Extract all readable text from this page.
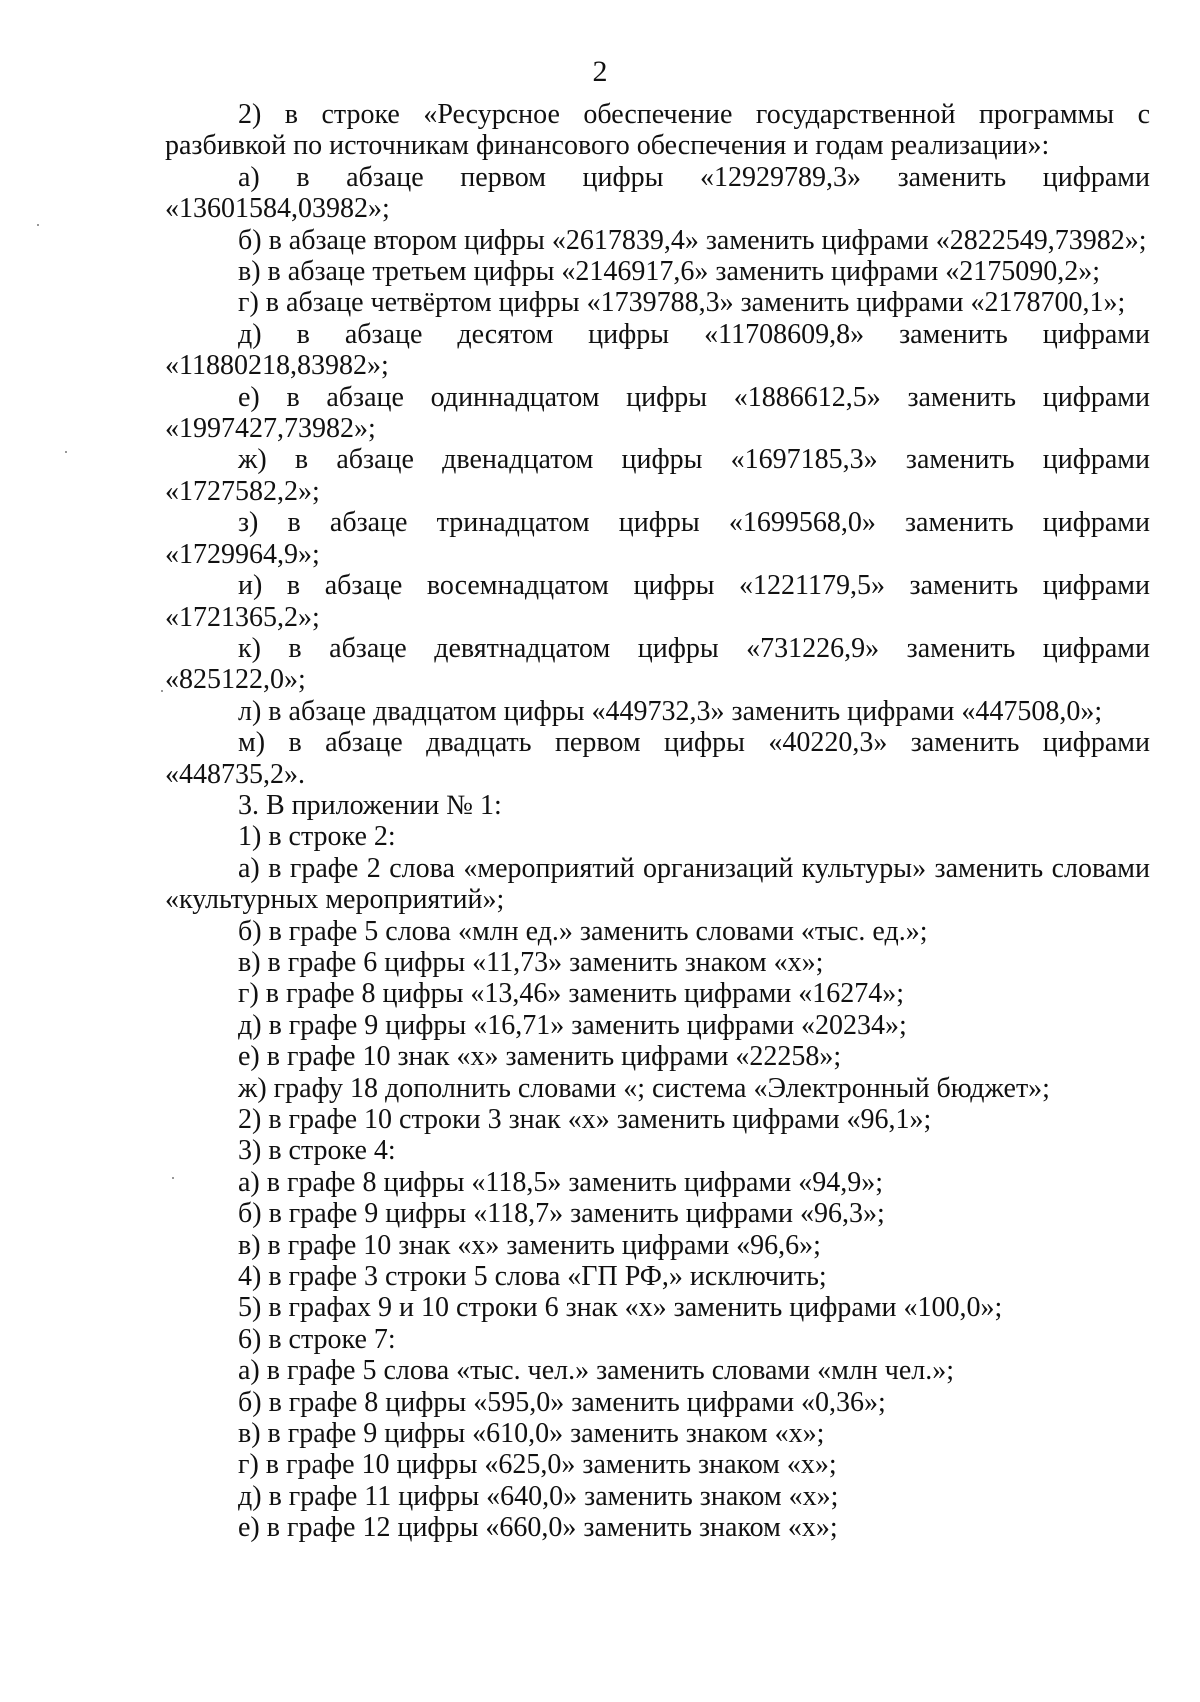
2

2) в строке «Ресурсное обеспечение государственной программы с разбивкой по источникам финансового обеспечения и годам реализации»:

а) в абзаце первом цифры «12929789,3» заменить цифрами «13601584,03982»;

б) в абзаце втором цифры «2617839,4» заменить цифрами «2822549,73982»;

в) в абзаце третьем цифры «2146917,6» заменить цифрами «2175090,2»;

г) в абзаце четвёртом цифры «1739788,3» заменить цифрами «2178700,1»;

д) в абзаце десятом цифры «11708609,8» заменить цифрами «11880218,83982»;

е) в абзаце одиннадцатом цифры «1886612,5» заменить цифрами «1997427,73982»;

ж) в абзаце двенадцатом цифры «1697185,3» заменить цифрами «1727582,2»;

з) в абзаце тринадцатом цифры «1699568,0» заменить цифрами «1729964,9»;

и) в абзаце восемнадцатом цифры «1221179,5» заменить цифрами «1721365,2»;

к) в абзаце девятнадцатом цифры «731226,9» заменить цифрами «825122,0»;

л) в абзаце двадцатом цифры «449732,3» заменить цифрами «447508,0»;

м) в абзаце двадцать первом цифры «40220,3» заменить цифрами «448735,2».

3. В приложении № 1:

1) в строке 2:

а) в графе 2 слова «мероприятий организаций культуры» заменить словами «культурных мероприятий»;

б) в графе 5 слова «млн ед.» заменить словами «тыс. ед.»;

в) в графе 6 цифры «11,73» заменить знаком «х»;

г) в графе 8 цифры «13,46» заменить цифрами «16274»;

д) в графе 9 цифры «16,71» заменить цифрами «20234»;

е) в графе 10 знак «х» заменить цифрами «22258»;

ж) графу 18 дополнить словами «; система «Электронный бюджет»;

2) в графе 10 строки 3 знак «х» заменить цифрами «96,1»;

3) в строке 4:

а) в графе 8 цифры «118,5» заменить цифрами «94,9»;

б) в графе 9 цифры «118,7» заменить цифрами «96,3»;

в) в графе 10 знак «х» заменить цифрами «96,6»;

4) в графе 3 строки 5 слова «ГП РФ,» исключить;

5) в графах 9 и 10 строки 6 знак «х» заменить цифрами «100,0»;

6) в строке 7:

а) в графе 5 слова «тыс. чел.» заменить словами «млн чел.»;

б) в графе 8 цифры «595,0» заменить цифрами «0,36»;

в) в графе 9 цифры «610,0» заменить знаком «х»;

г) в графе 10 цифры «625,0» заменить знаком «х»;

д) в графе 11 цифры «640,0» заменить знаком «х»;

е) в графе 12 цифры «660,0» заменить знаком «х»;
